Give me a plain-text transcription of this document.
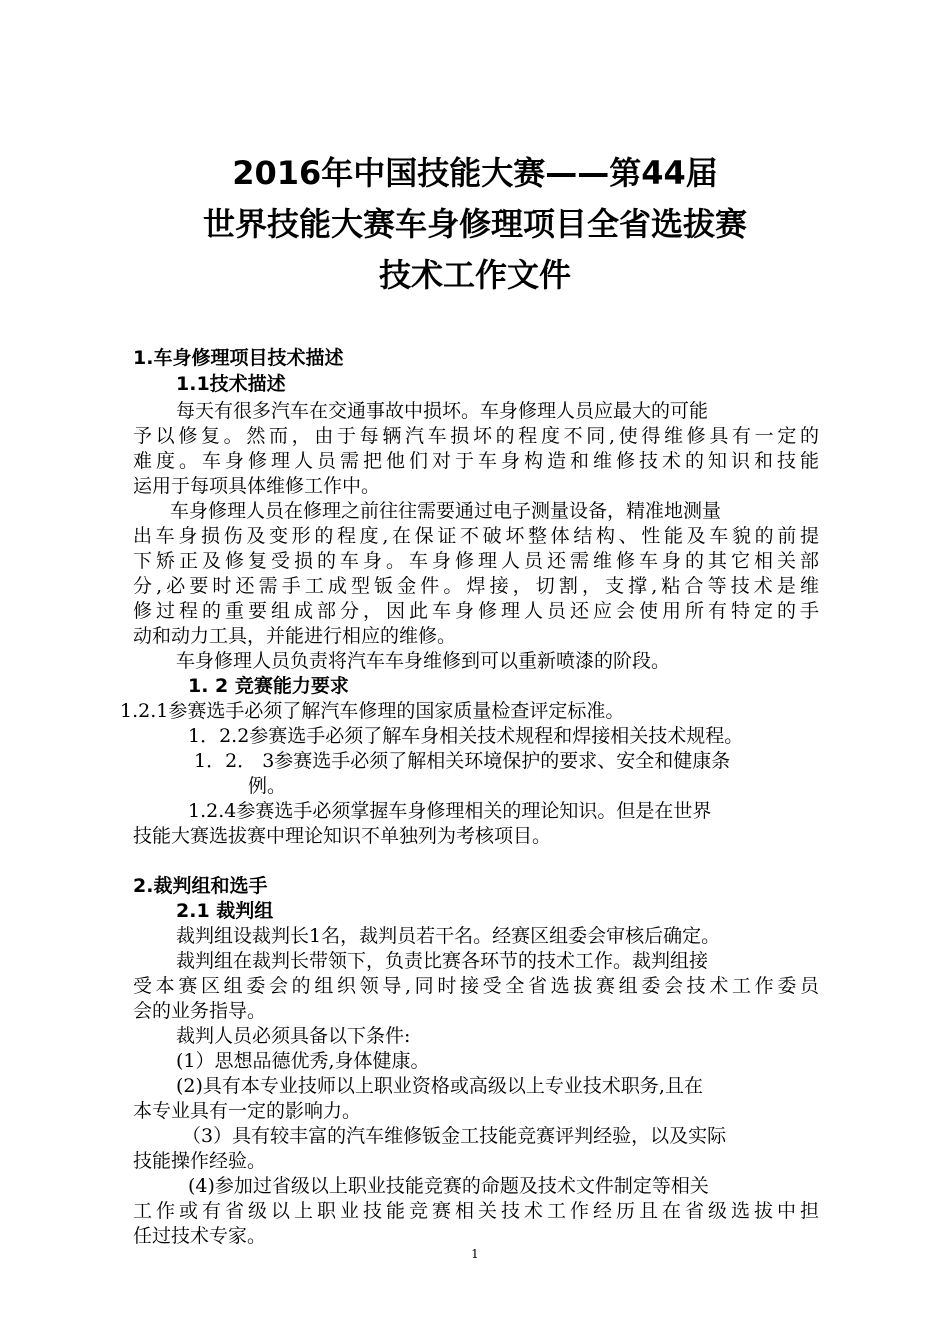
2016年中国技能大赛——第44届
世界技能大赛车身修理项目全省选拔赛
技术工作文件
1.车身修理项目技术描述
1.1技术描述
每天有很多汽车在交通事故中损坏。车身修理人员应最大的可能
予以修复。然而，由于每辆汽车损坏的程度不同,使得维修具有一定的
难度。车身修理人员需把他们对于车身构造和维修技术的知识和技能
运用于每项具体维修工作中。
车身修理人员在修理之前往往需要通过电子测量设备，精准地测量
出车身损伤及变形的程度,在保证不破坏整体结构、性能及车貌的前提
下矫正及修复受损的车身。车身修理人员还需维修车身的其它相关部
分,必要时还需手工成型钣金件。焊接，切割，支撑,粘合等技术是维
修过程的重要组成部分，因此车身修理人员还应会使用所有特定的手
动和动力工具，并能进行相应的维修。
车身修理人员负责将汽车车身维修到可以重新喷漆的阶段。
1. 2 竞赛能力要求
1.2.1参赛选手必须了解汽车修理的国家质量检查评定标准。
1．2.2参赛选手必须了解车身相关技术规程和焊接相关技术规程。
1．2． 3参赛选手必须了解相关环境保护的要求、安全和健康条
例。
1.2.4参赛选手必须掌握车身修理相关的理论知识。但是在世界
技能大赛选拔赛中理论知识不单独列为考核项目。
2.裁判组和选手
2.1 裁判组
裁判组设裁判长1名，裁判员若干名。经赛区组委会审核后确定。
裁判组在裁判长带领下，负责比赛各环节的技术工作。裁判组接
受本赛区组委会的组织领导,同时接受全省选拔赛组委会技术工作委员
会的业务指导。
裁判人员必须具备以下条件:
(1）思想品德优秀,身体健康。
(2)具有本专业技师以上职业资格或高级以上专业技术职务,且在
本专业具有一定的影响力。
（3）具有较丰富的汽车维修钣金工技能竞赛评判经验，以及实际
技能操作经验。
(4)参加过省级以上职业技能竞赛的命题及技术文件制定等相关
工作或有省级以上职业技能竞赛相关技术工作经历且在省级选拔中担
任过技术专家。
1
